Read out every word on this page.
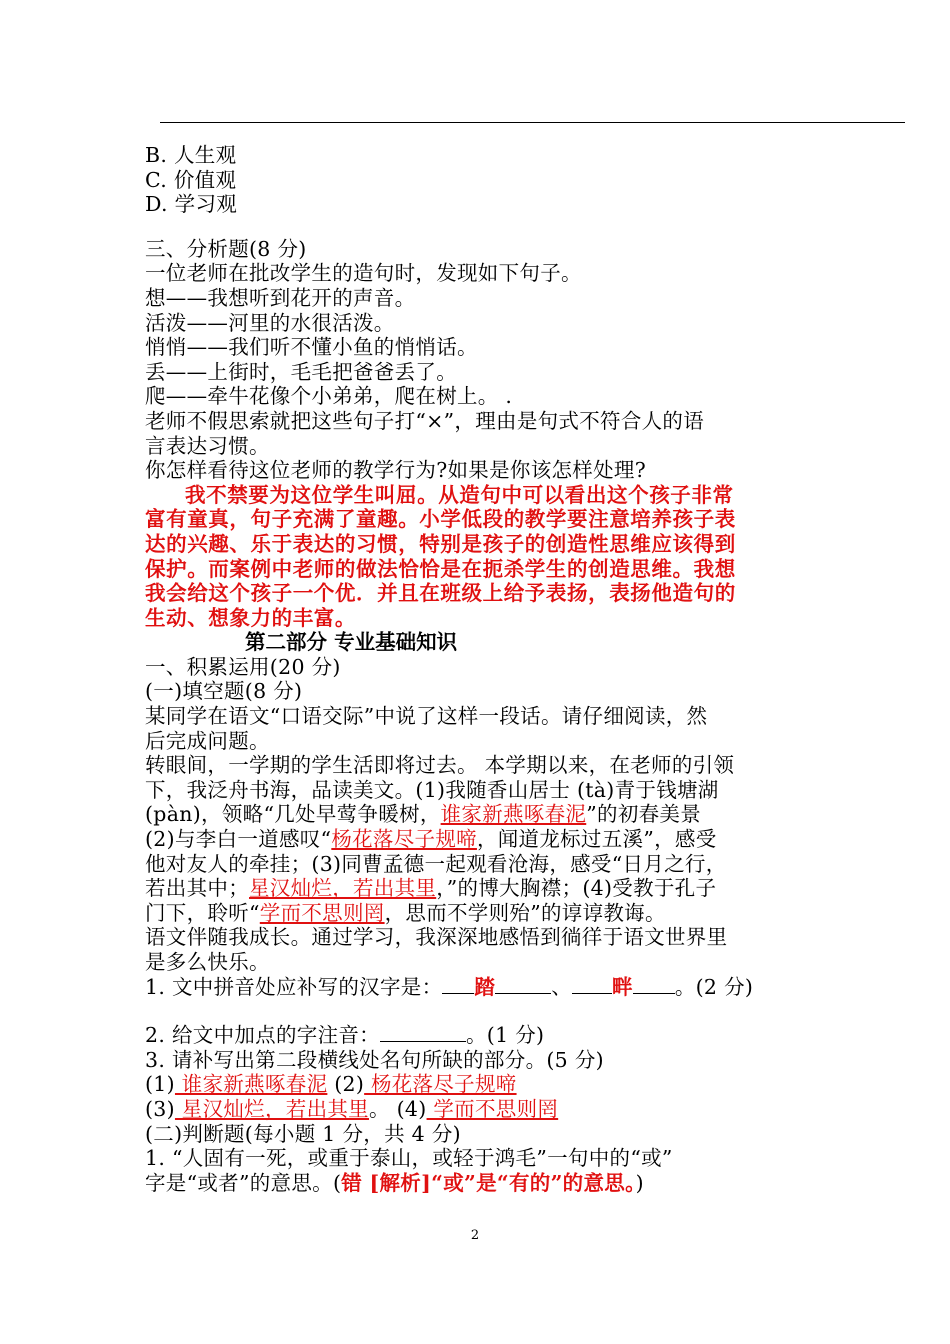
B. 人生观
C. 价值观
D. 学习观
三、分析题(8 分)
一位老师在批改学生的造句时，发现如下句子。
想——我想听到花开的声音。
活泼——河里的水很活泼。
悄悄——我们听不懂小鱼的悄悄话。
丢——上街时，毛毛把爸爸丢了。
爬——牵牛花像个小弟弟，爬在树上。 .
老师不假思索就把这些句子打“×”，理由是句式不符合人的语
言表达习惯。
你怎样看待这位老师的教学行为?如果是你该怎样处理?
我不禁要为这位学生叫屈。从造句中可以看出这个孩子非常
富有童真，句子充满了童趣。小学低段的教学要注意培养孩子表
达的兴趣、乐于表达的习惯，特别是孩子的创造性思维应该得到
保护。而案例中老师的做法恰恰是在扼杀学生的创造思维。我想
我会给这个孩子一个优．并且在班级上给予表扬，表扬他造句的
生动、想象力的丰富。
第二部分 专业基础知识
一、积累运用(20 分)
(一)填空题(8 分)
某同学在语文“口语交际”中说了这样一段话。请仔细阅读，然
后完成问题。
转眼间，一学期的学生活即将过去。 本学期以来，在老师的引领
下，我泛舟书海，品读美文。(1)我随香山居士 (tà)青于钱塘湖
(pàn)，领略“几处早莺争暖树，谁家新燕啄春泥”的初春美景
(2)与李白一道感叹“杨花落尽子规啼，闻道龙标过五溪”，感受
他对友人的牵挂；(3)同曹孟德一起观看沧海，感受“日月之行，
若出其中；星汉灿烂，若出其里，”的博大胸襟；(4)受教于孔子
门下，聆听“学而不思则罔，思而不学则殆”的谆谆教诲。
语文伴随我成长。通过学习，我深深地感悟到徜徉于语文世界里
是多么快乐。
1. 文中拼音处应补写的汉字是： 踏	、 畔 。(2 分)
2. 给文中加点的字注音：	。(1 分)
3. 请补写出第二段横线处名句所缺的部分。(5 分)
(1) 谁家新燕啄春泥 (2) 杨花落尽子规啼
(3) 星汉灿烂，若出其里。 (4) 学而不思则罔
(二)判断题(每小题 1 分，共 4 分)
1. “人固有一死，或重于泰山，或轻于鸿毛”一句中的“或”
字是“或者”的意思。(错 [解析]“或”是“有的”的意思。)
2
